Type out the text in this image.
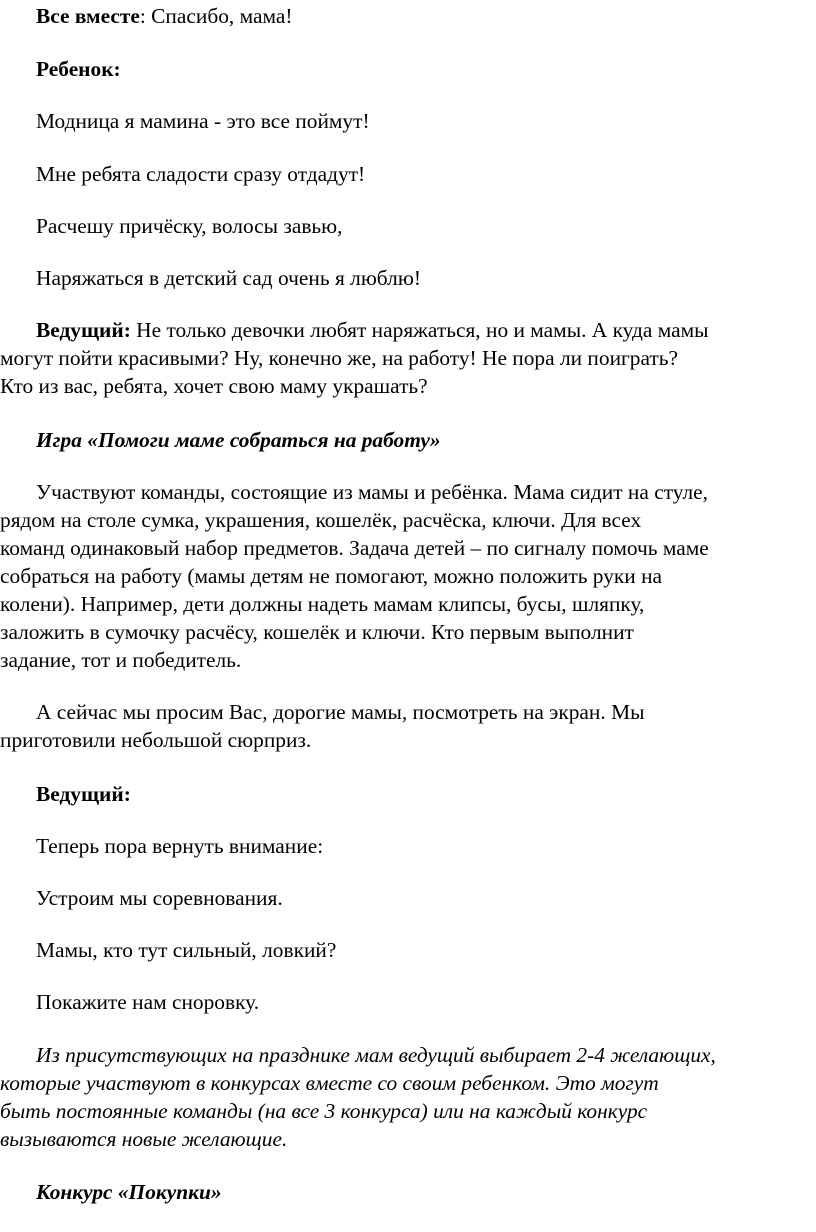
Все вместе: Спасибо, мама!

Ребенок:

Модница я мамина - это все поймут!

Мне ребята сладости сразу отдадут!

Расчешу причёску, волосы завью,

Наряжаться в детский сад очень я люблю!

Ведущий: Не только девочки любят наряжаться, но и мамы. А куда мамы
могут пойти красивыми? Ну, конечно же, на работу! Не пора ли поиграть?
Кто из вас, ребята, хочет свою маму украшать?

Игра «Помоги маме собраться на работу»

Участвуют команды, состоящие из мамы и ребёнка. Мама сидит на стуле,
рядом на столе сумка, украшения, кошелёк, расчёска, ключи. Для всех
команд одинаковый набор предметов. Задача детей – по сигналу помочь маме
собраться на работу (мамы детям не помогают, можно положить руки на
колени). Например, дети должны надеть мамам клипсы, бусы, шляпку,
заложить в сумочку расчёсу, кошелёк и ключи. Кто первым выполнит
задание, тот и победитель.

А сейчас мы просим Вас, дорогие мамы, посмотреть на экран. Мы
приготовили небольшой сюрприз.

Ведущий:

Теперь пора вернуть внимание:

Устроим мы соревнования.

Мамы, кто тут сильный, ловкий?

Покажите нам сноровку.

Из присутствующих на празднике мам ведущий выбирает 2-4 желающих,
которые участвуют в конкурсах вместе со своим ребенком. Это могут
быть постоянные команды (на все 3 конкурса) или на каждый конкурс
вызываются новые желающие.

Конкурс «Покупки»
